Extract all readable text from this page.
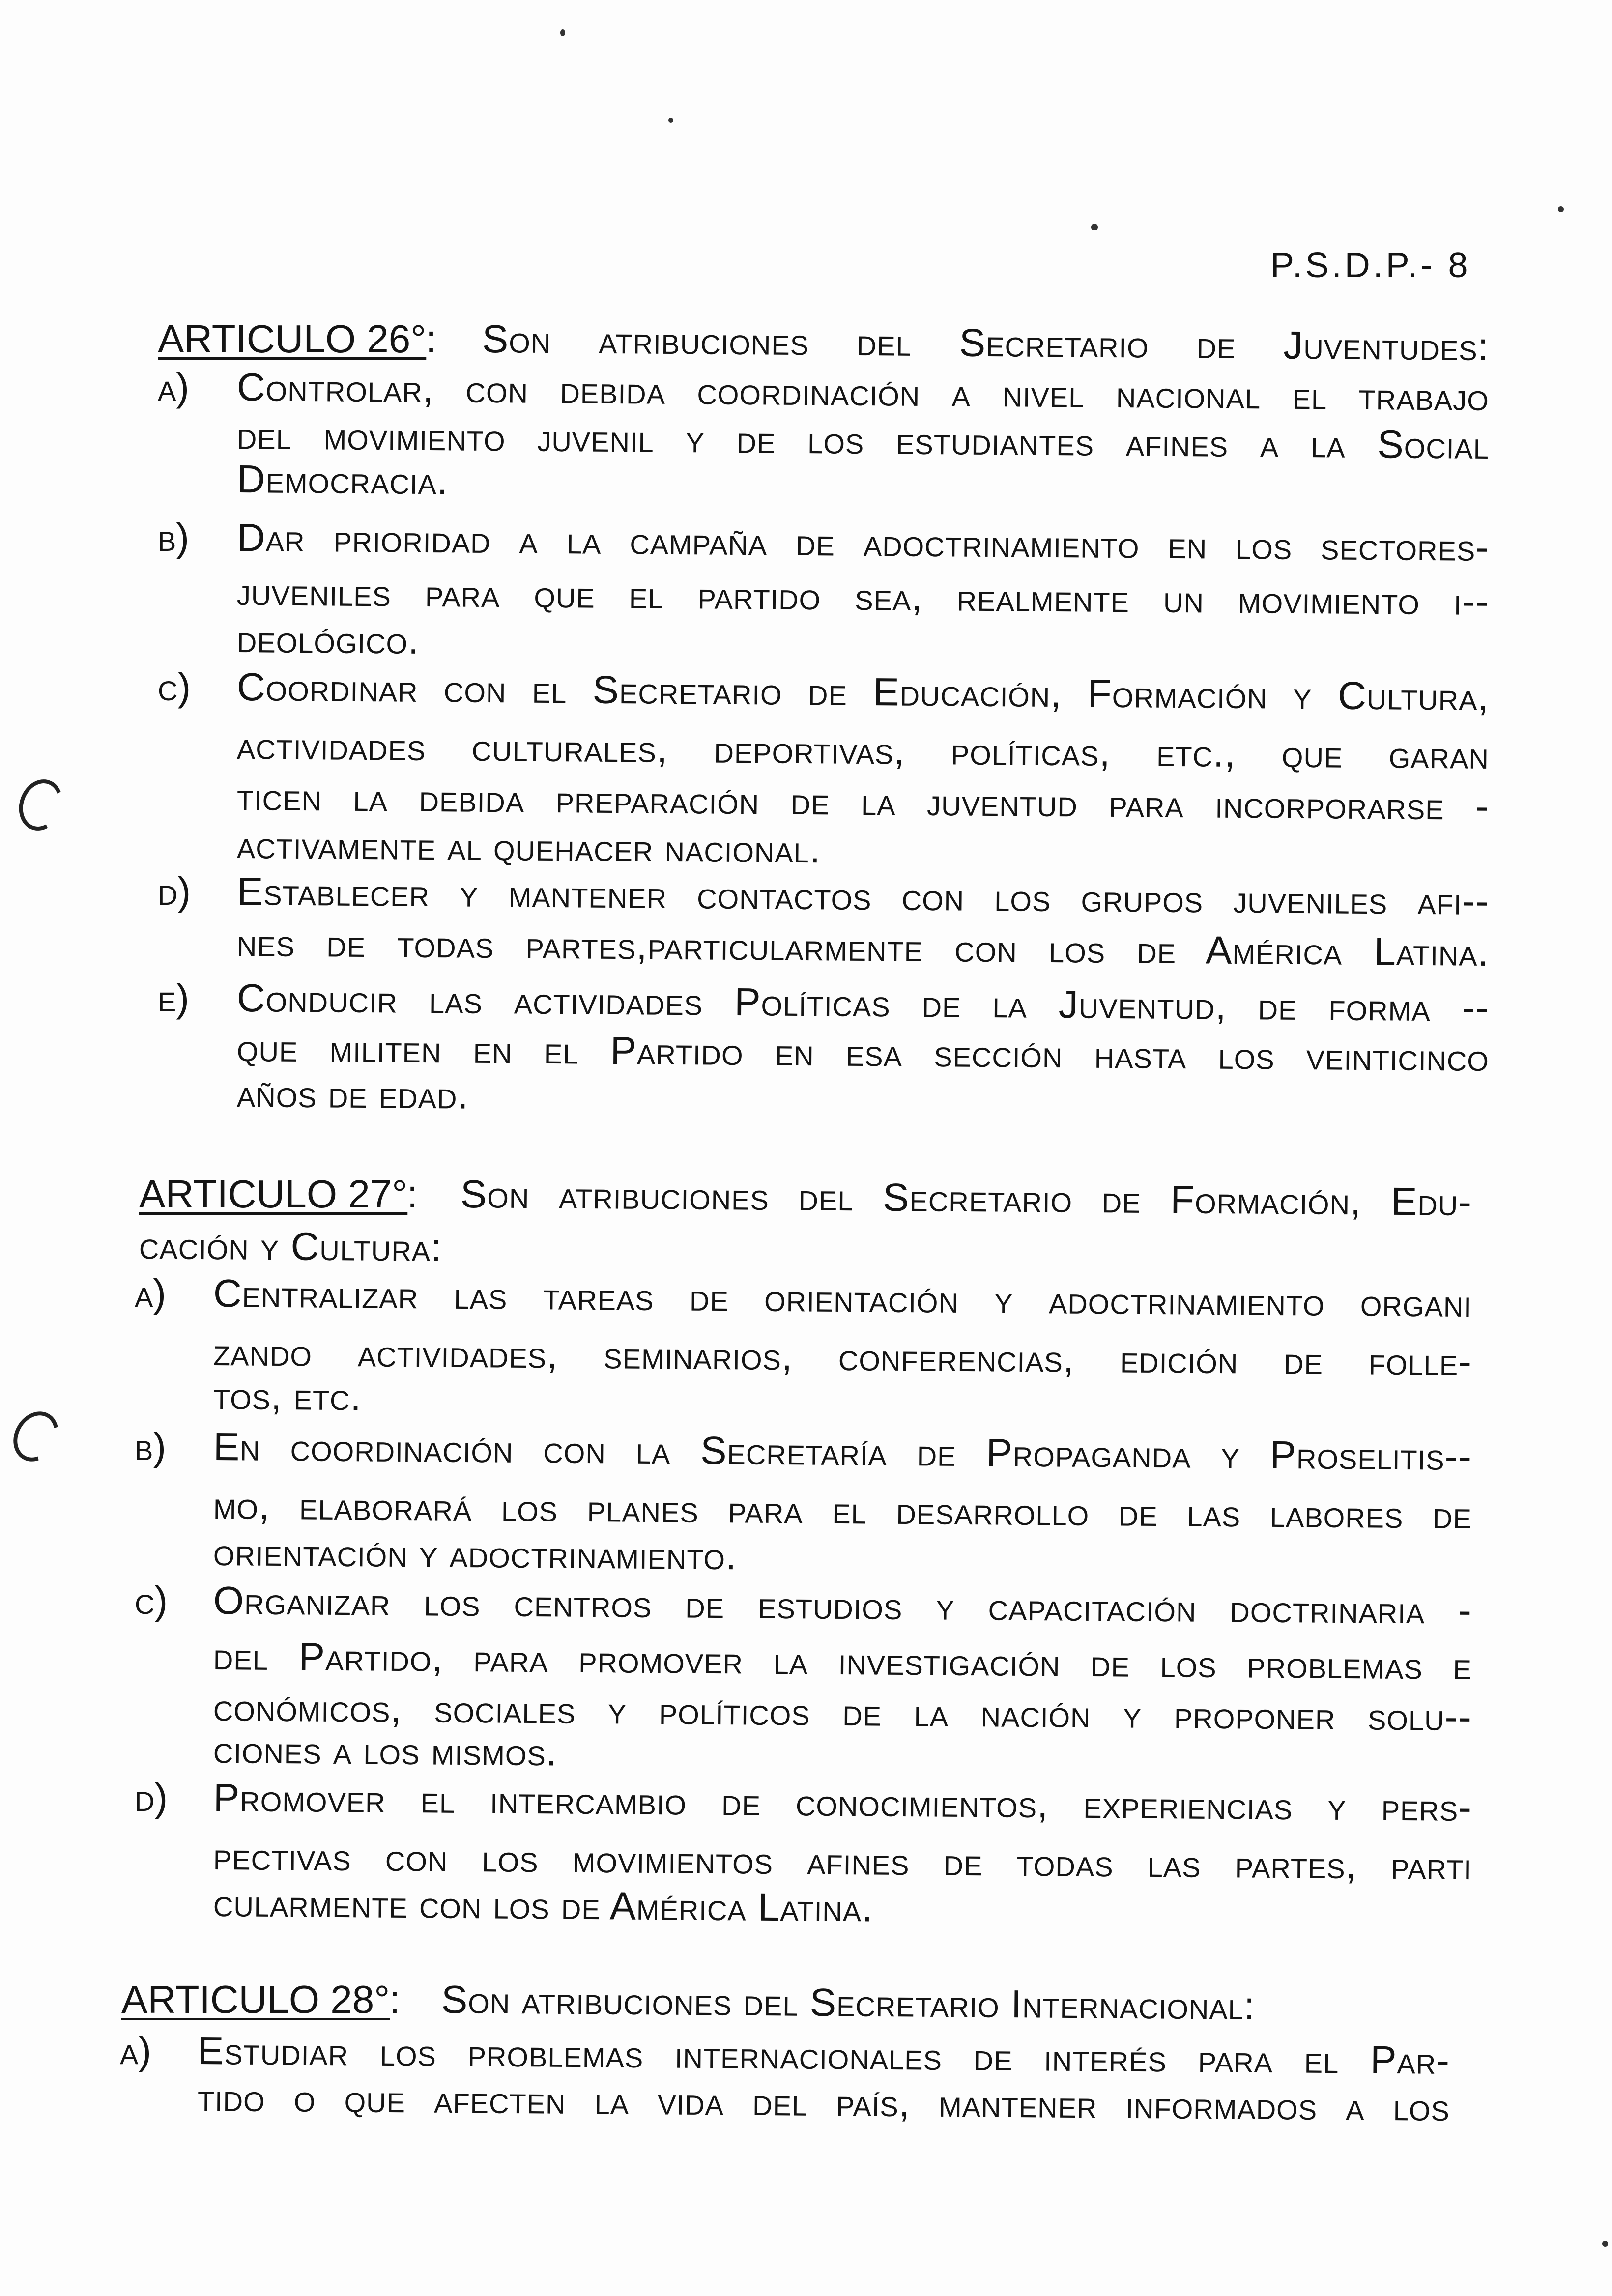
P.S.D.P.- 8
ARTICULO 26°
: Son atribuciones del Secretario de Juventudes:
a) Controlar, con debida coordinación a nivel nacional el trabajo
del movimiento juvenil y de los estudiantes afines a la Social
Democracia.
b) Dar prioridad a la campaña de adoctrinamiento en los sectores-
juveniles para que el partido sea, realmente un movimiento i--
deológico.
c) Coordinar con el Secretario de Educación, Formación y Cultura,
actividades culturales, deportivas, políticas, etc., que garan
ticen la debida preparación de la juventud para incorporarse -
activamente al quehacer nacional.
d) Establecer y mantener contactos con los grupos juveniles afi--
nes de todas partes,particularmente con los de América Latina.
e) Conducir las actividades Políticas de la Juventud, de forma --
que militen en el Partido en esa sección hasta los veinticinco
años de edad.
ARTICULO 27°
: Son atribuciones del Secretario de Formación, Edu-
cación y Cultura:
a) Centralizar las tareas de orientación y adoctrinamiento organi
zando actividades, seminarios, conferencias, edición de folle-
tos, etc.
b) En coordinación con la Secretaría de Propaganda y Proselitis--
mo, elaborará los planes para el desarrollo de las labores de
orientación y adoctrinamiento.
c) Organizar los centros de estudios y capacitación doctrinaria -
del Partido, para promover la investigación de los problemas e
conómicos, sociales y políticos de la nación y proponer solu--
ciones a los mismos.
d) Promover el intercambio de conocimientos, experiencias y pers-
pectivas con los movimientos afines de todas las partes, parti
cularmente con los de América Latina.
ARTICULO 28°
: Son atribuciones del Secretario Internacional:
a) Estudiar los problemas internacionales de interés para el Par-
tido o que afecten la vida del país, mantener informados a los
